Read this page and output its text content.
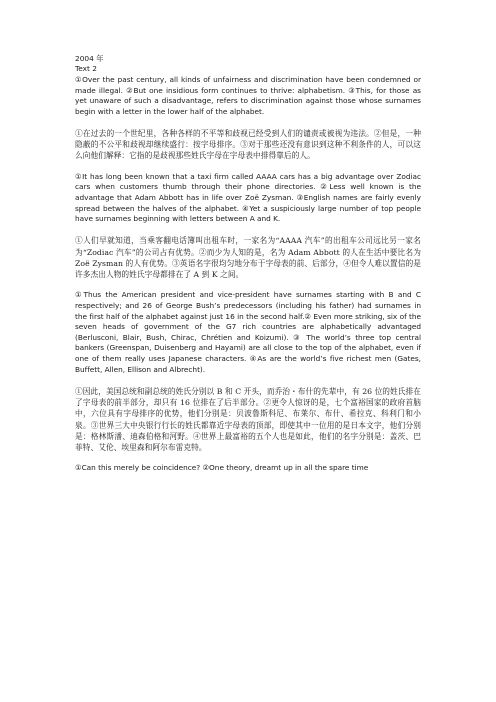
2004 年

Text 2

①Over the past century, all kinds of unfairness and discrimination have been condemned or made illegal. ②But one insidious form continues to thrive: alphabetism. ③This, for those as yet unaware of such a disadvantage, refers to discrimination against those whose surnames begin with a letter in the lower half of the alphabet.

①在过去的一个世纪里，各种各样的不平等和歧视已经受到人们的谴责或被视为违法。②但是，一种隐蔽的不公平和歧视却继续盛行：按字母排序。③对于那些还没有意识到这种不利条件的人，可以这么向他们解释：它指的是歧视那些姓氏字母在字母表中排得靠后的人。

①It has long been known that a taxi firm called AAAA cars has a big advantage over Zodiac cars when customers thumb through their phone directories. ②Less well known is the advantage that Adam Abbott has in life over Zoë Zysman. ③English names are fairly evenly spread between the halves of the alphabet. ④Yet a suspiciously large number of top people have surnames beginning with letters between A and K.

①人们早就知道，当乘客翻电话簿叫出租车时，一家名为“AAAA 汽车”的出租车公司远比另一家名为“Zodiac 汽车”的公司占有优势。②而少为人知的是，名为 Adam Abbott 的人在生活中要比名为 Zoë Zysman 的人有优势。③英语名字很均匀地分布于字母表的前、后部分，④但令人难以置信的是许多杰出人物的姓氏字母都排在了 A 到 K 之间。

①Thus the American president and vice-president have surnames starting with B and C respectively; and 26 of George Bush’s predecessors (including his father) had surnames in the first half of the alphabet against just 16 in the second half.② Even more striking, six of the seven heads of government of the G7 rich countries are alphabetically advantaged (Berlusconi, Blair, Bush, Chirac, Chrétien and Koizumi). ③ The world’s three top central bankers (Greenspan, Duisenberg and Hayami) are all close to the top of the alphabet, even if one of them really uses Japanese characters. ④As are the world’s five richest men (Gates, Buffett, Allen, Ellison and Albrecht).

①因此，美国总统和副总统的姓氏分别以 B 和 C 开头，而乔治・布什的先辈中，有 26 位的姓氏排在了字母表的前半部分，却只有 16 位排在了后半部分。②更令人惊讶的是，七个富裕国家的政府首脑中，六位具有字母排序的优势，他们分别是：贝波鲁斯科尼、布莱尔、布什、希拉克、科利门和小泉。③世界三大中央银行行长的姓氏都靠近字母表的顶部，即使其中一位用的是日本文字，他们分别是：格林斯潘、迪森伯格和河野。④世界上最富裕的五个人也是如此，他们的名字分别是：盖茨、巴菲特、艾伦、埃里森和阿尔布雷克特。

①Can this merely be coincidence? ②One theory, dreamt up in all the spare time
